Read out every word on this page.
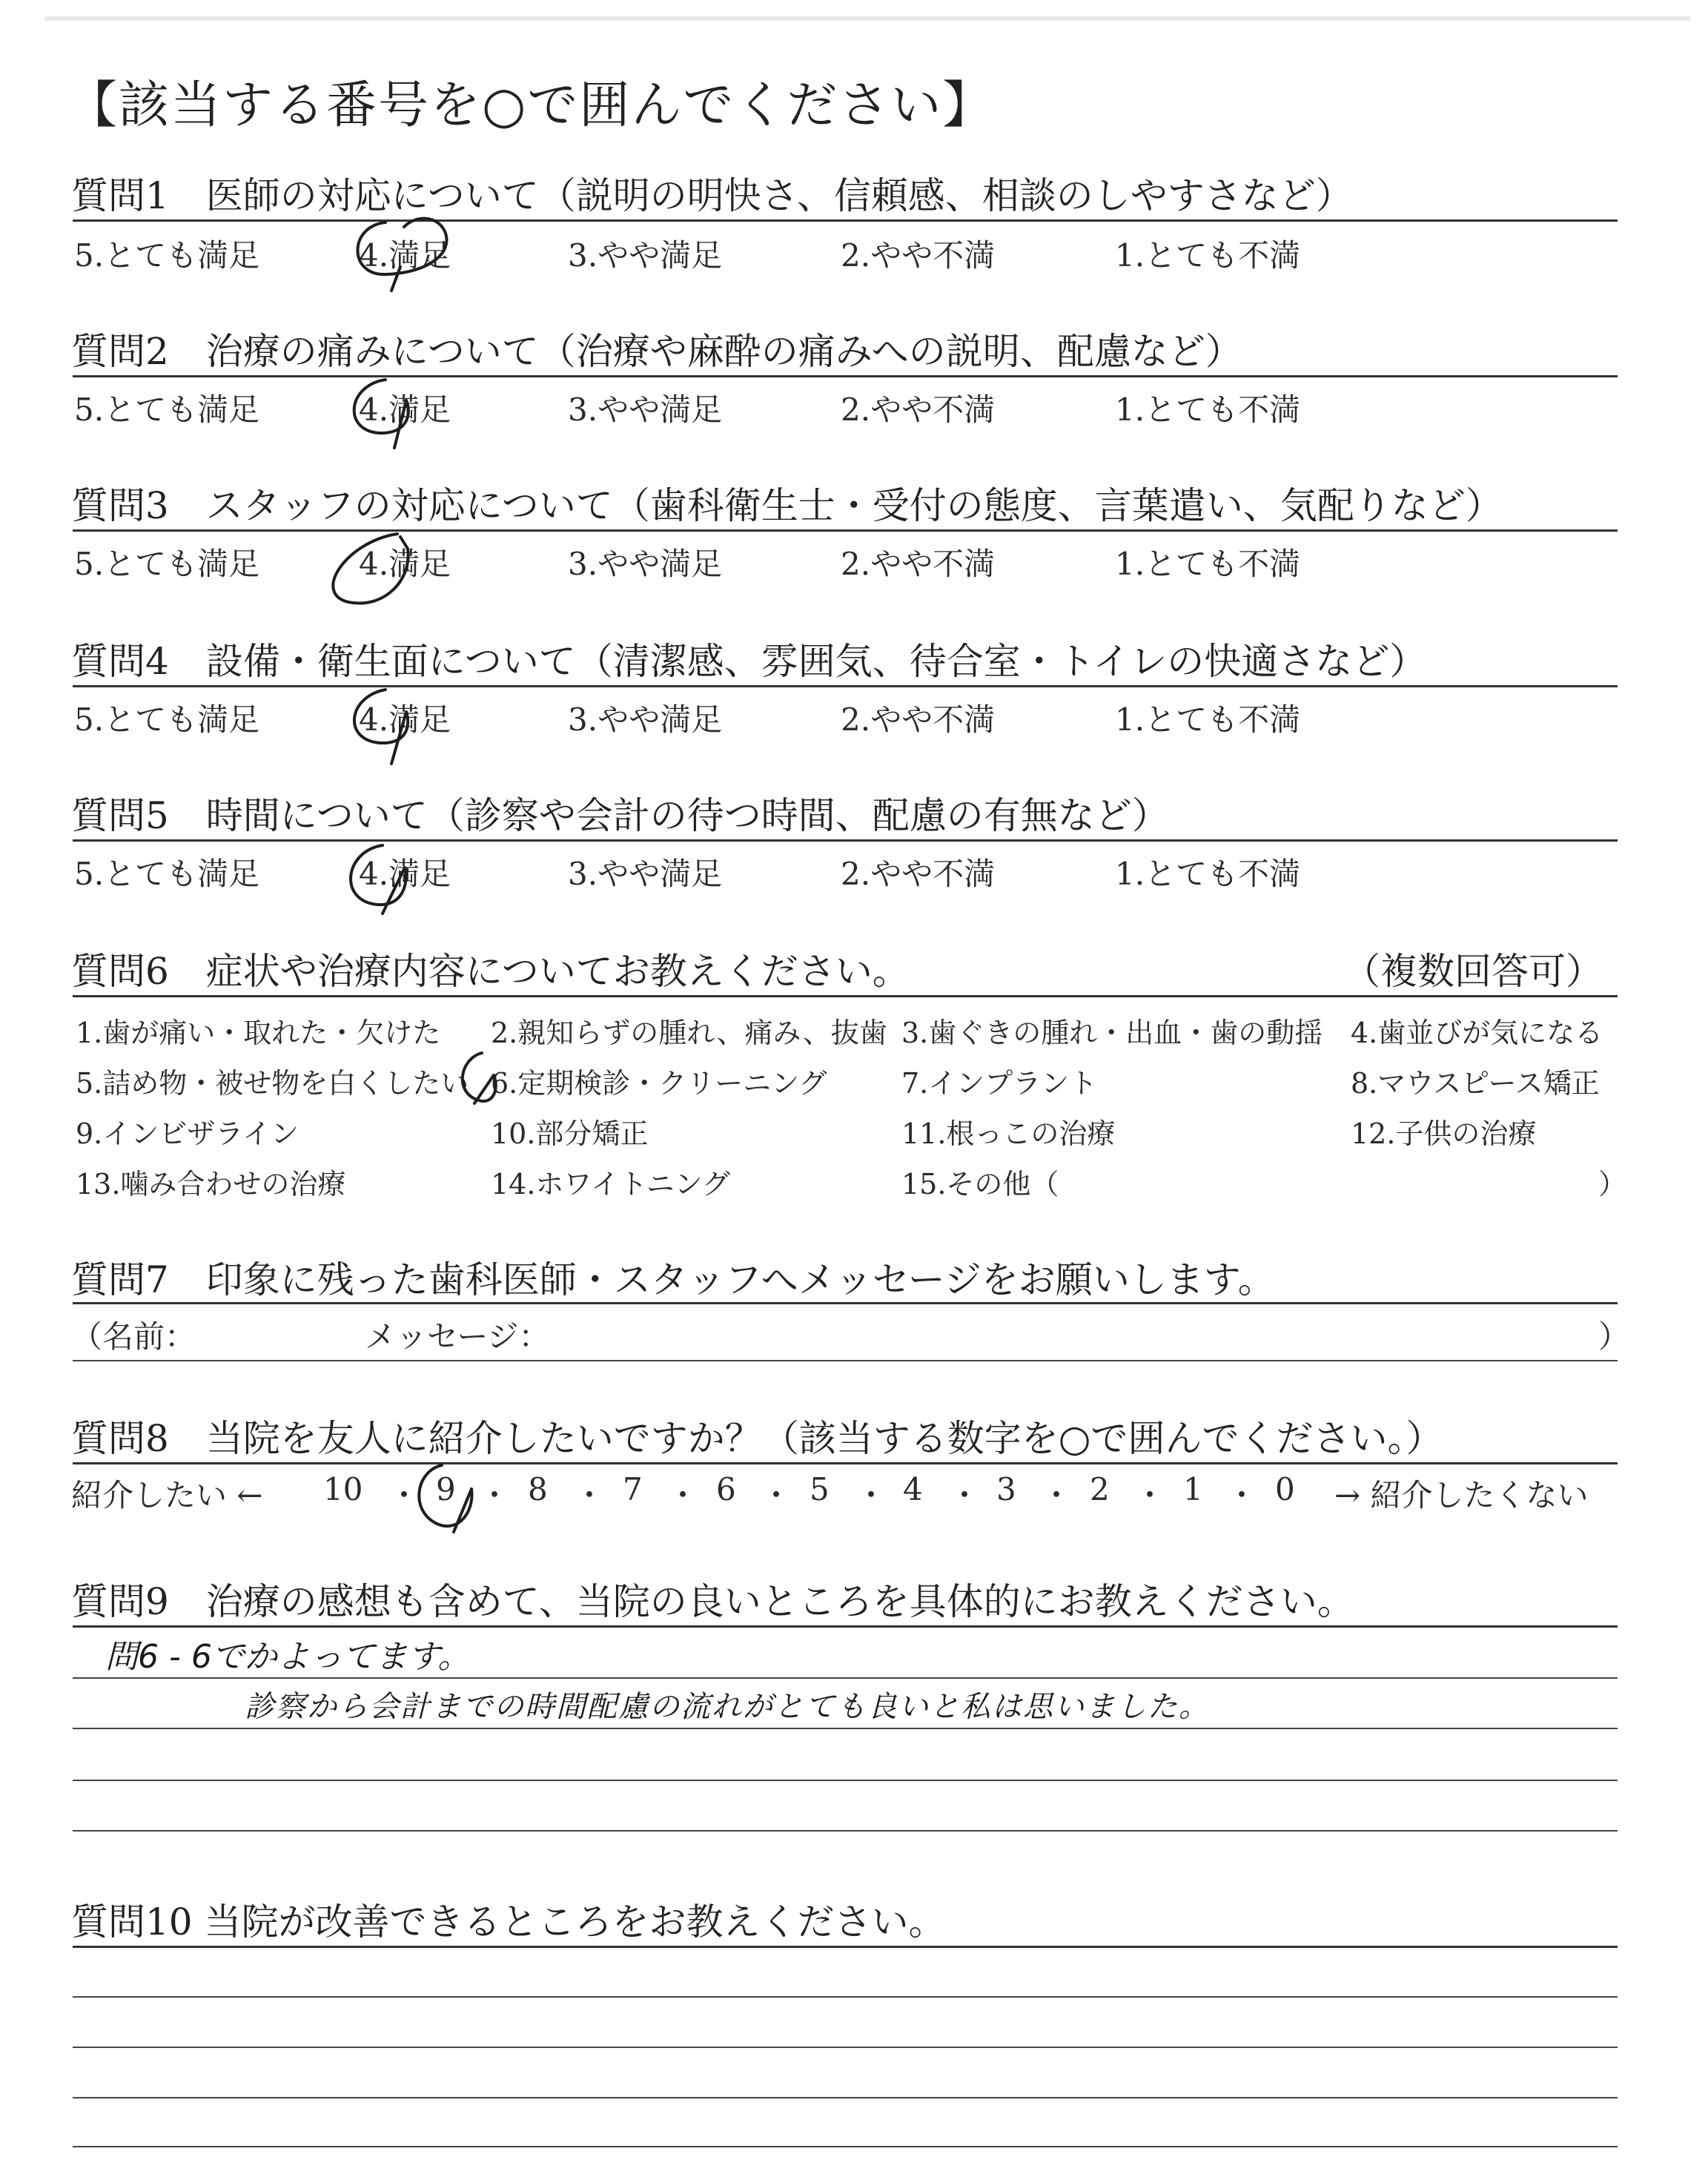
【該当する番号を○で囲んでください】
質問1　医師の対応について（説明の明快さ、信頼感、相談のしやすさなど）
5.とても満足	4.満足	3.やや満足	2.やや不満	1.とても不満
質問2　治療の痛みについて（治療や麻酔の痛みへの説明、配慮など）
5.とても満足	4.満足	3.やや満足	2.やや不満	1.とても不満
質問3　スタッフの対応について（歯科衛生士・受付の態度、言葉遣い、気配りなど）
5.とても満足	4.満足	3.やや満足	2.やや不満	1.とても不満
質問4　設備・衛生面について（清潔感、雰囲気、待合室・トイレの快適さなど）
5.とても満足	4.満足	3.やや満足	2.やや不満	1.とても不満
質問5　時間について（診察や会計の待つ時間、配慮の有無など）
5.とても満足	4.満足	3.やや満足	2.やや不満	1.とても不満
質問6　症状や治療内容についてお教えください。	（複数回答可）
1.歯が痛い・取れた・欠けた 2.親知らずの腫れ、痛み、抜歯 3.歯ぐきの腫れ・出血・歯の動揺 4.歯並びが気になる
5.詰め物・被せ物を白くしたい 6.定期検診・クリーニング	7.インプラント	8.マウスピース矯正
9.インビザライン	10.部分矯正	11.根っこの治療	12.子供の治療
13.噛み合わせの治療	14.ホワイトニング	15.その他（	）
質問7　印象に残った歯科医師・スタッフへメッセージをお願いします。
（名前：	メッセージ：	）
質問8　当院を友人に紹介したいですか？（該当する数字を○で囲んでください。）
紹介したい ← 10 ・ 9 ・ 8 ・ 7 ・ 6 ・ 5 ・ 4 ・ 3 ・ 2 ・ 1 ・ 0 → 紹介したくない
質問9　治療の感想も含めて、当院の良いところを具体的にお教えください。
問6 - 6でかよってます。
診察から会計までの時間配慮の流れがとても良いと私は思いました。
質問10 当院が改善できるところをお教えください。
